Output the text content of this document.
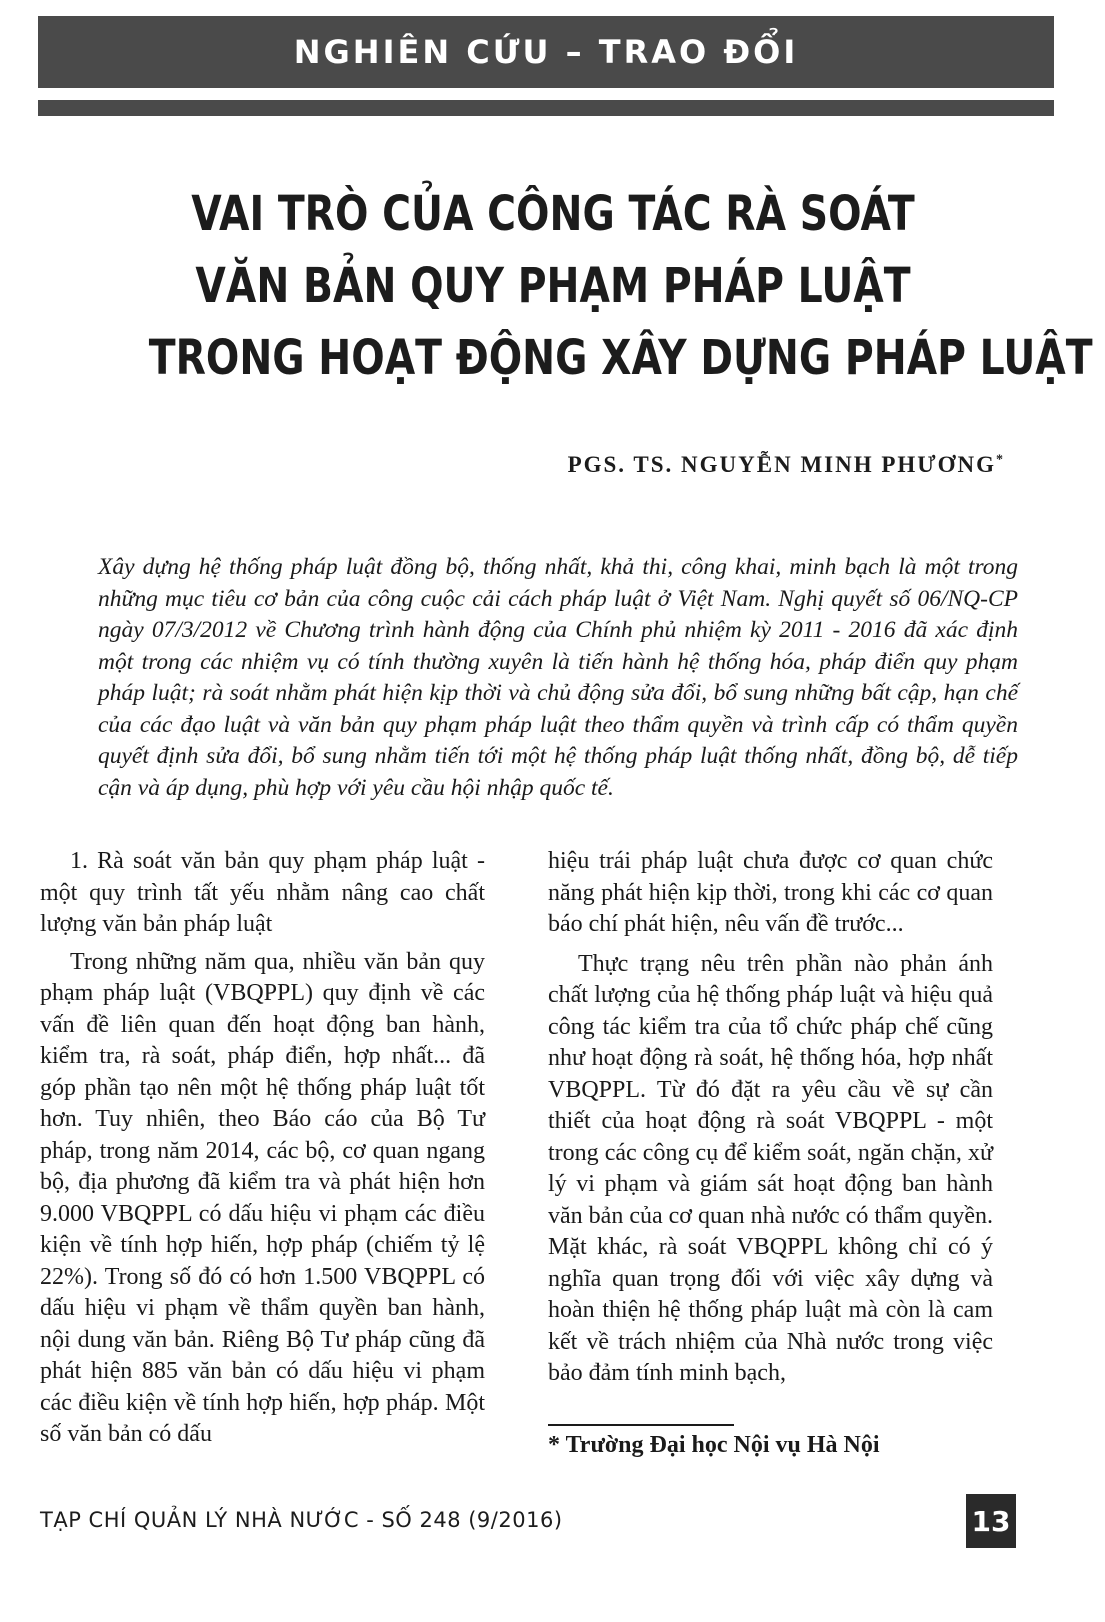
NGHIÊN CỨU – TRAO ĐỔI
VAI TRÒ CỦA CÔNG TÁC RÀ SOÁT
VĂN BẢN QUY PHẠM PHÁP LUẬT
TRONG HOẠT ĐỘNG XÂY DỰNG PHÁP LUẬT
PGS. TS. NGUYỄN MINH PHƯƠNG*
Xây dựng hệ thống pháp luật đồng bộ, thống nhất, khả thi, công khai, minh bạch là một trong những mục tiêu cơ bản của công cuộc cải cách pháp luật ở Việt Nam. Nghị quyết số 06/NQ-CP ngày 07/3/2012 về Chương trình hành động của Chính phủ nhiệm kỳ 2011 - 2016 đã xác định một trong các nhiệm vụ có tính thường xuyên là tiến hành hệ thống hóa, pháp điển quy phạm pháp luật; rà soát nhằm phát hiện kịp thời và chủ động sửa đổi, bổ sung những bất cập, hạn chế của các đạo luật và văn bản quy phạm pháp luật theo thẩm quyền và trình cấp có thẩm quyền quyết định sửa đổi, bổ sung nhằm tiến tới một hệ thống pháp luật thống nhất, đồng bộ, dễ tiếp cận và áp dụng, phù hợp với yêu cầu hội nhập quốc tế.

1. Rà soát văn bản quy phạm pháp luật - một quy trình tất yếu nhằm nâng cao chất lượng văn bản pháp luật

Trong những năm qua, nhiều văn bản quy phạm pháp luật (VBQPPL) quy định về các vấn đề liên quan đến hoạt động ban hành, kiểm tra, rà soát, pháp điển, hợp nhất... đã góp phần tạo nên một hệ thống pháp luật tốt hơn. Tuy nhiên, theo Báo cáo của Bộ Tư pháp, trong năm 2014, các bộ, cơ quan ngang bộ, địa phương đã kiểm tra và phát hiện hơn 9.000 VBQPPL có dấu hiệu vi phạm các điều kiện về tính hợp hiến, hợp pháp (chiếm tỷ lệ 22%). Trong số đó có hơn 1.500 VBQPPL có dấu hiệu vi phạm về thẩm quyền ban hành, nội dung văn bản. Riêng Bộ Tư pháp cũng đã phát hiện 885 văn bản có dấu hiệu vi phạm các điều kiện về tính hợp hiến, hợp pháp. Một số văn bản có dấu

hiệu trái pháp luật chưa được cơ quan chức năng phát hiện kịp thời, trong khi các cơ quan báo chí phát hiện, nêu vấn đề trước...

Thực trạng nêu trên phần nào phản ánh chất lượng của hệ thống pháp luật và hiệu quả công tác kiểm tra của tổ chức pháp chế cũng như hoạt động rà soát, hệ thống hóa, hợp nhất VBQPPL. Từ đó đặt ra yêu cầu về sự cần thiết của hoạt động rà soát VBQPPL - một trong các công cụ để kiểm soát, ngăn chặn, xử lý vi phạm và giám sát hoạt động ban hành văn bản của cơ quan nhà nước có thẩm quyền. Mặt khác, rà soát VBQPPL không chỉ có ý nghĩa quan trọng đối với việc xây dựng và hoàn thiện hệ thống pháp luật mà còn là cam kết về trách nhiệm của Nhà nước trong việc bảo đảm tính minh bạch,

* Trường Đại học Nội vụ Hà Nội
TẠP CHÍ QUẢN LÝ NHÀ NƯỚC - SỐ 248 (9/2016)	13
